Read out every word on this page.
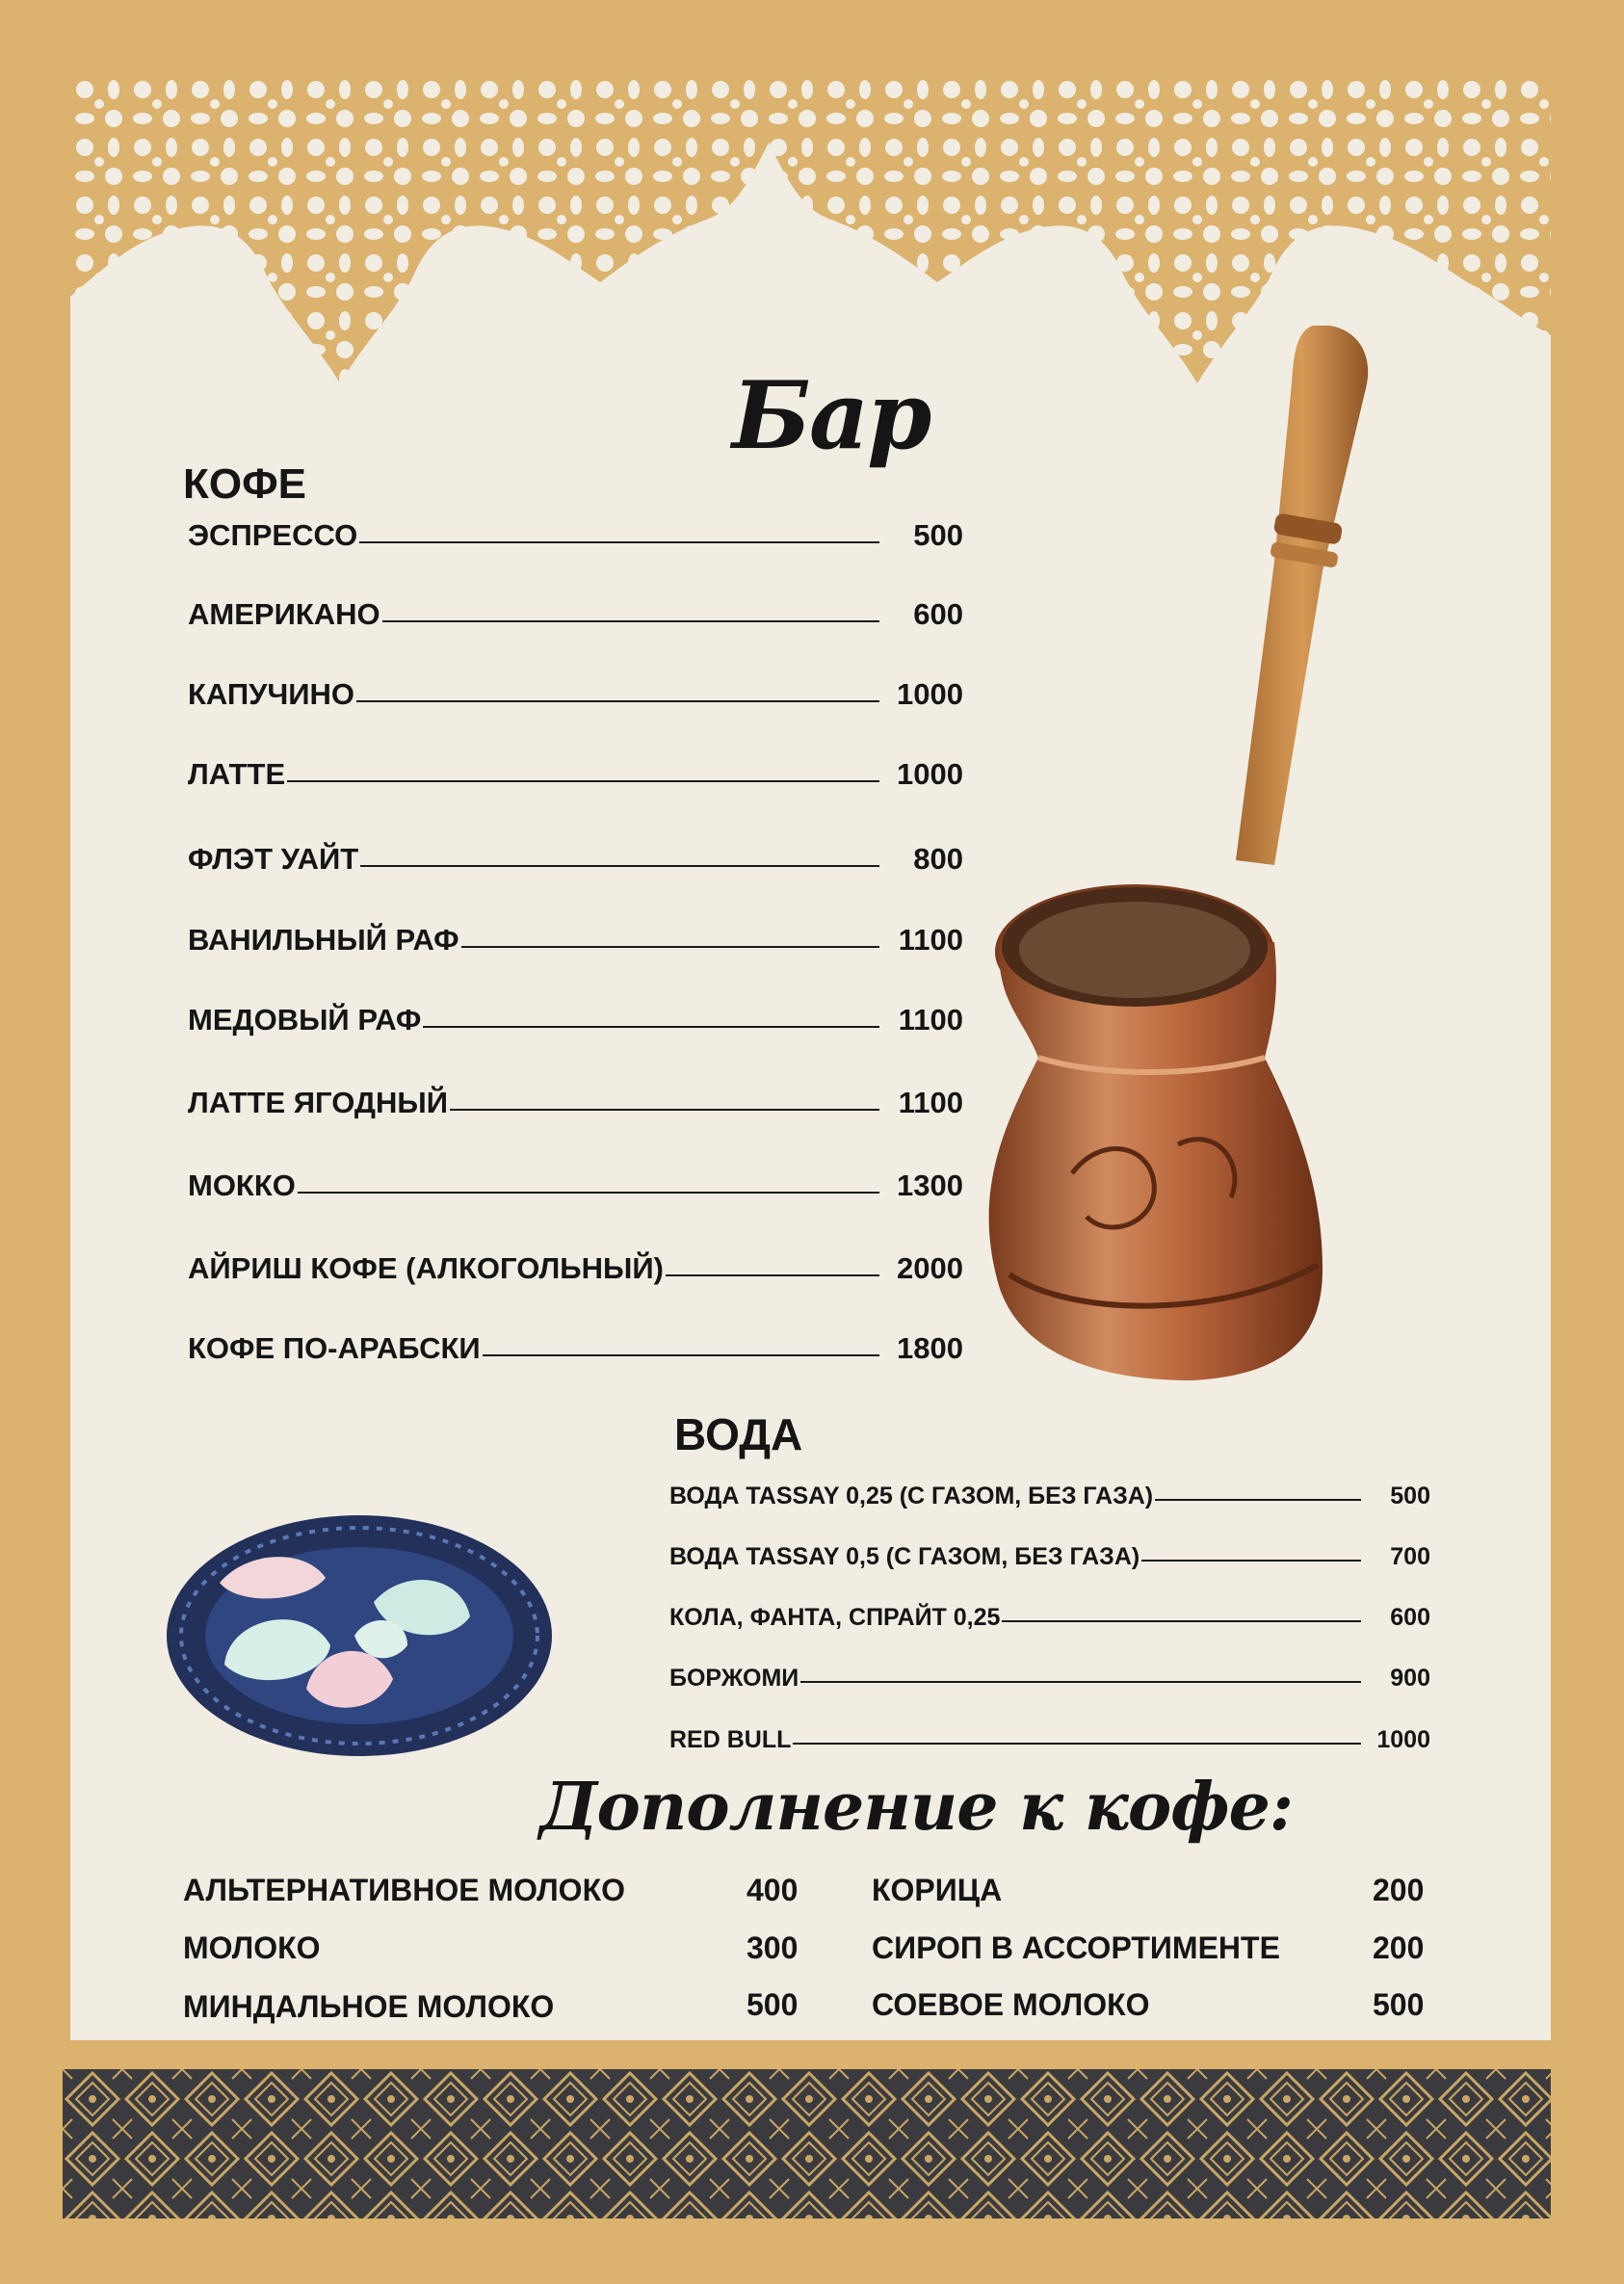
Бар
КОФЕ
ЭСПРЕССО	500
АМЕРИКАНО	600
КАПУЧИНО	1000
ЛАТТЕ	1000
ФЛЭТ УАЙТ	800
ВАНИЛЬНЫЙ РАФ	1100
МЕДОВЫЙ РАФ	1100
ЛАТТЕ ЯГОДНЫЙ	1100
МОККО	1300
АЙРИШ КОФЕ (АЛКОГОЛЬНЫЙ)	2000
КОФЕ ПО-АРАБСКИ	1800
ВОДА
ВОДА TASSAY 0,25 (С ГАЗОМ, БЕЗ ГАЗА)	500
ВОДА TASSAY 0,5 (С ГАЗОМ, БЕЗ ГАЗА)	700
КОЛА, ФАНТА, СПРАЙТ 0,25	600
БОРЖОМИ	900
RED BULL	1000
Дополнение к кофе:
АЛЬТЕРНАТИВНОЕ МОЛОКО	400
МОЛОКО	300
МИНДАЛЬНОЕ МОЛОКО	500
КОРИЦА	200
СИРОП В АССОРТИМЕНТЕ	200
СОЕВОЕ МОЛОКО	500
